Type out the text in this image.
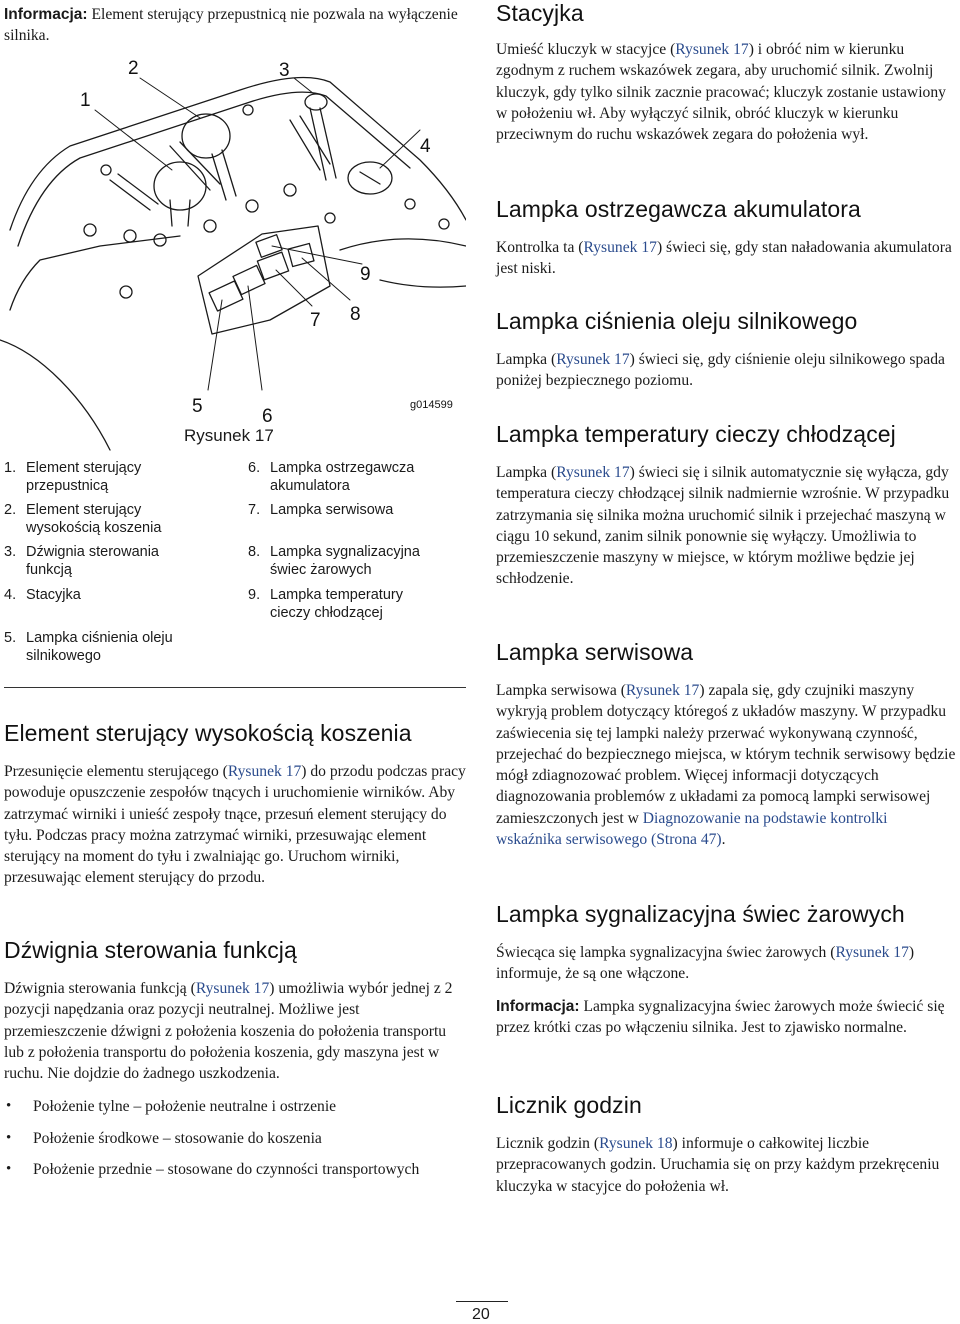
Informacja: Element sterujący przepustnicą nie pozwala na wyłączenie silnika.
1
2	3
4
5	6
7 8
9
g014599
Rysunek 17
1. Element sterujący przepustnicą
2. Element sterujący wysokością koszenia
3. Dźwignia sterowania funkcją
4. Stacyjka
5. Lampka ciśnienia oleju silnikowego
6. Lampka ostrzegawcza akumulatora
7. Lampka serwisowa
8. Lampka sygnalizacyjna świec żarowych
9. Lampka temperatury cieczy chłodzącej
Element sterujący wysokością koszenia

Przesunięcie elementu sterującego (Rysunek 17) do przodu podczas pracy powoduje opuszczenie zespołów tnących i uruchomienie wirników. Aby zatrzymać wirniki i unieść zespoły tnące, przesuń element sterujący do tyłu. Podczas pracy można zatrzymać wirniki, przesuwając element sterujący na moment do tyłu i zwalniając go. Uruchom wirniki, przesuwając element sterujący do przodu.

Dźwignia sterowania funkcją

Dźwignia sterowania funkcją (Rysunek 17) umożliwia wybór jednej z 2 pozycji napędzania oraz pozycji neutralnej. Możliwe jest przemieszczenie dźwigni z położenia koszenia do położenia transportu lub z położenia transportu do położenia koszenia, gdy maszyna jest w ruchu. Nie dojdzie do żadnego uszkodzenia.

• Położenie tylne – położenie neutralne i ostrzenie
• Położenie środkowe – stosowanie do koszenia
• Położenie przednie – stosowane do czynności transportowych
Stacyjka

Umieść kluczyk w stacyjce (Rysunek 17) i obróć nim w kierunku zgodnym z ruchem wskazówek zegara, aby uruchomić silnik. Zwolnij kluczyk, gdy tylko silnik zacznie pracować; kluczyk zostanie ustawiony w położeniu wł. Aby wyłączyć silnik, obróć kluczyk w kierunku przeciwnym do ruchu wskazówek zegara do położenia wył.

Lampka ostrzegawcza akumulatora

Kontrolka ta (Rysunek 17) świeci się, gdy stan naładowania akumulatora jest niski.

Lampka ciśnienia oleju silnikowego

Lampka (Rysunek 17) świeci się, gdy ciśnienie oleju silnikowego spada poniżej bezpiecznego poziomu.

Lampka temperatury cieczy chłodzącej

Lampka (Rysunek 17) świeci się i silnik automatycznie się wyłącza, gdy temperatura cieczy chłodzącej silnik nadmiernie wzrośnie. W przypadku zatrzymania się silnika można uruchomić silnik i przejechać maszyną w ciągu 10 sekund, zanim silnik ponownie się wyłączy. Umożliwia to przemieszczenie maszyny w miejsce, w którym możliwe będzie jej schłodzenie.

Lampka serwisowa

Lampka serwisowa (Rysunek 17) zapala się, gdy czujniki maszyny wykryją problem dotyczący któregoś z układów maszyny. W przypadku zaświecenia się tej lampki należy przerwać wykonywaną czynność, przejechać do bezpiecznego miejsca, w którym technik serwisowy będzie mógł zdiagnozować problem. Więcej informacji dotyczących diagnozowania problemów z układami za pomocą lampki serwisowej zamieszczonych jest w Diagnozowanie na podstawie kontrolki wskaźnika serwisowego (Strona 47).

Lampka sygnalizacyjna świec żarowych

Świecąca się lampka sygnalizacyjna świec żarowych (Rysunek 17) informuje, że są one włączone.

Informacja: Lampka sygnalizacyjna świec żarowych może świecić się przez krótki czas po włączeniu silnika. Jest to zjawisko normalne.

Licznik godzin

Licznik godzin (Rysunek 18) informuje o całkowitej liczbie przepracowanych godzin. Uruchamia się on przy każdym przekręceniu kluczyka w stacyjce do położenia wł.

20
